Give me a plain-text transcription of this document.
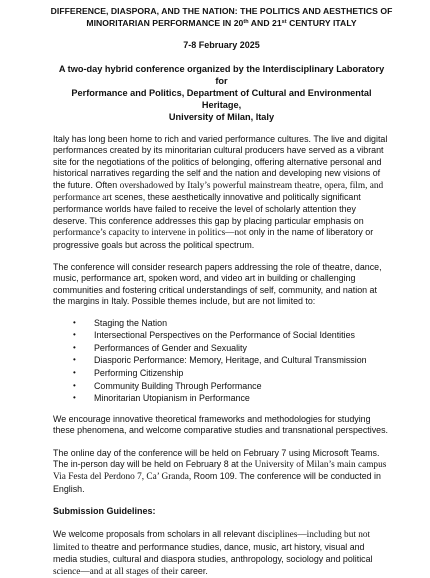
DIFFERENCE, DIASPORA, AND THE NATION: THE POLITICS AND AESTHETICS OF
MINORITARIAN PERFORMANCE IN 20th AND 21st CENTURY ITALY
7-8 February 2025
A two-day hybrid conference organized by the Interdisciplinary Laboratory for
Performance and Politics, Department of Cultural and Environmental Heritage,
University of Milan, Italy

Italy has long been home to rich and varied performance cultures. The live and digital performances created by its minoritarian cultural producers have served as a vibrant site for the negotiations of the politics of belonging, offering alternative personal and historical narratives regarding the self and the nation and developing new visions of the future. Often overshadowed by Italy’s powerful mainstream theatre, opera, film, and performance art scenes, these aesthetically innovative and politically significant performance worlds have failed to receive the level of scholarly attention they deserve. This conference addresses this gap by placing particular emphasis on performance’s capacity to intervene in politics—not only in the name of liberatory or progressive goals but across the political spectrum.

The conference will consider research papers addressing the role of theatre, dance, music, performance art, spoken word, and video art in building or challenging communities and fostering critical understandings of self, community, and nation at the margins in Italy. Possible themes include, but are not limited to:

• Staging the Nation
• Intersectional Perspectives on the Performance of Social Identities
• Performances of Gender and Sexuality
• Diasporic Performance: Memory, Heritage, and Cultural Transmission
• Performing Citizenship
• Community Building Through Performance
• Minoritarian Utopianism in Performance

We encourage innovative theoretical frameworks and methodologies for studying these phenomena, and welcome comparative studies and transnational perspectives.

The online day of the conference will be held on February 7 using Microsoft Teams. The in-person day will be held on February 8 at the University of Milan’s main campus Via Festa del Perdono 7, Ca’ Granda, Room 109. The conference will be conducted in English.

Submission Guidelines:

We welcome proposals from scholars in all relevant disciplines—including but not limited to theatre and performance studies, dance, music, art history, visual and media studies, cultural and diaspora studies, anthropology, sociology and political science—and at all stages of their career.
